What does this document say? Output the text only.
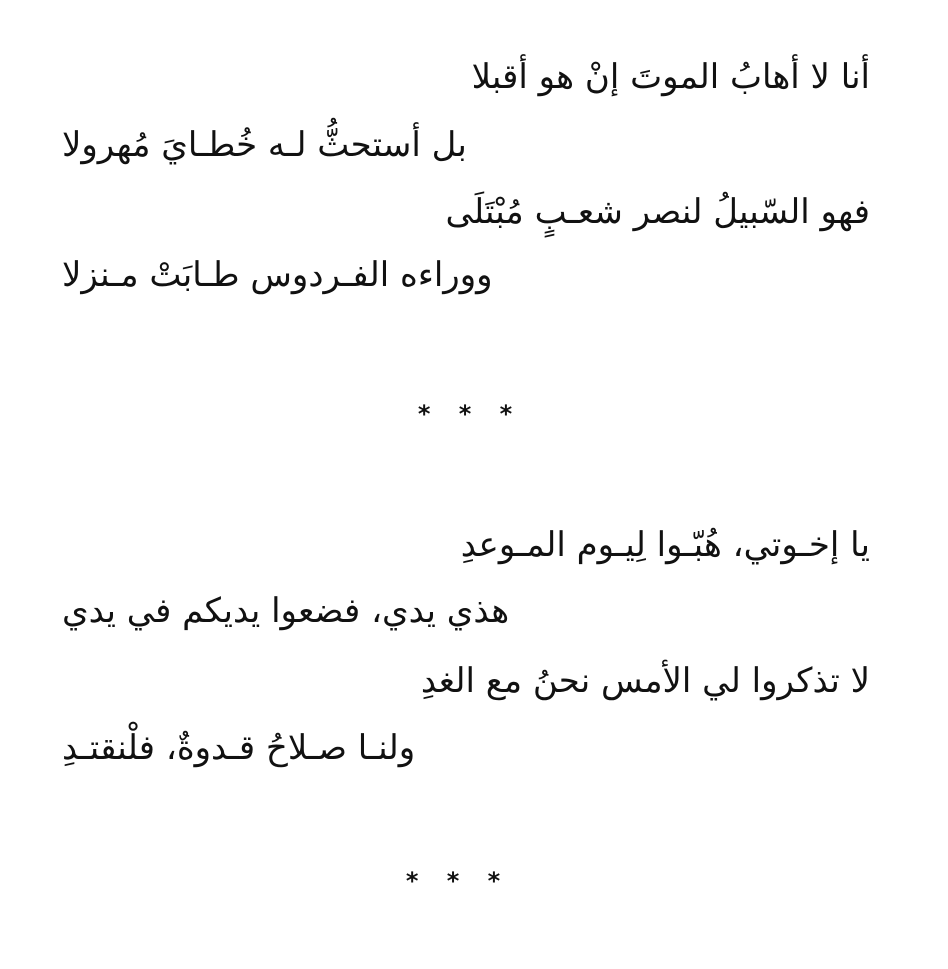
أنا لا أهابُ الموتَ إنْ هو أقبلا
بل أستحثُّ لـه خُطـايَ مُهرولا
فهو السّبيلُ لنصر شعـبٍ مُبْتَلَى
ووراءه الفـردوس طـابَتْ مـنزلا
* * *
يا إخـوتي، هُبّـوا لِيـوم المـوعدِ
هذي يدي، فضعوا يديكم في يدي
لا تذكروا لي الأمس نحنُ مع الغدِ
ولنـا صـلاحُ قـدوةٌ، فلْنقتـدِ
* * *
